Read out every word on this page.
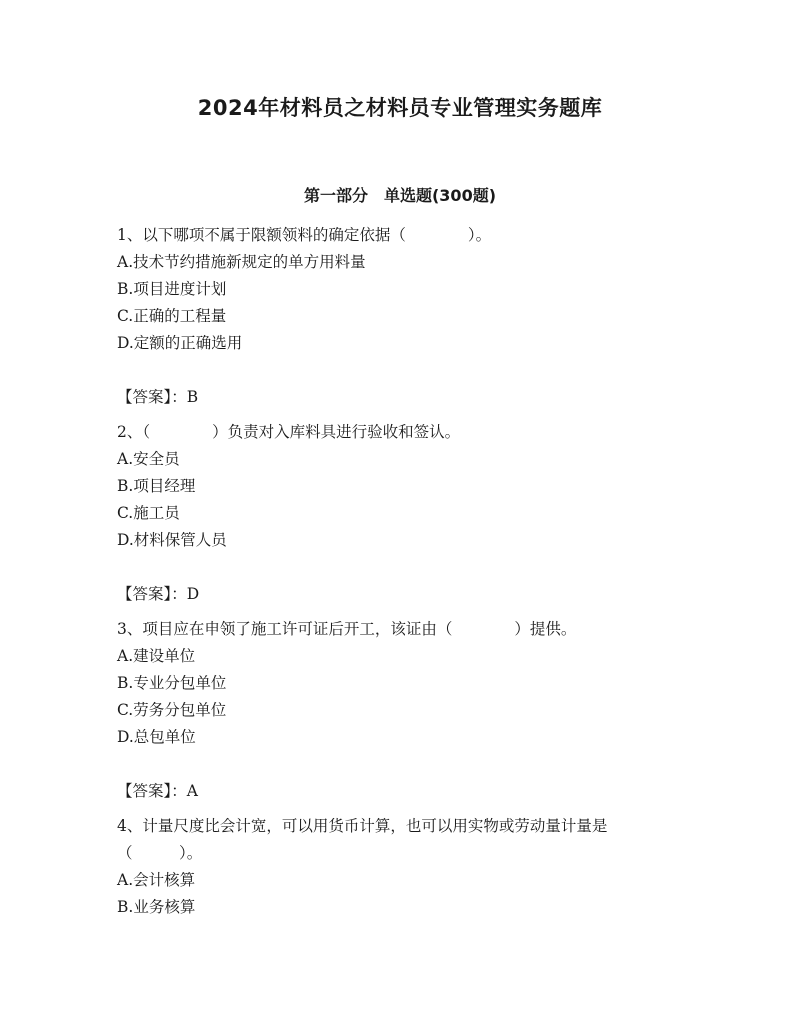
2024年材料员之材料员专业管理实务题库
第一部分　单选题(300题)
1、以下哪项不属于限额领料的确定依据（　　　　）。
A.技术节约措施新规定的单方用料量
B.项目进度计划
C.正确的工程量
D.定额的正确选用
【答案】：B
2、（　　　　）负责对入库料具进行验收和签认。
A.安全员
B.项目经理
C.施工员
D.材料保管人员
【答案】：D
3、项目应在申领了施工许可证后开工，该证由（　　　　）提供。
A.建设单位
B.专业分包单位
C.劳务分包单位
D.总包单位
【答案】：A
4、计量尺度比会计宽，可以用货币计算，也可以用实物或劳动量计量是（　　　）。
A.会计核算
B.业务核算
